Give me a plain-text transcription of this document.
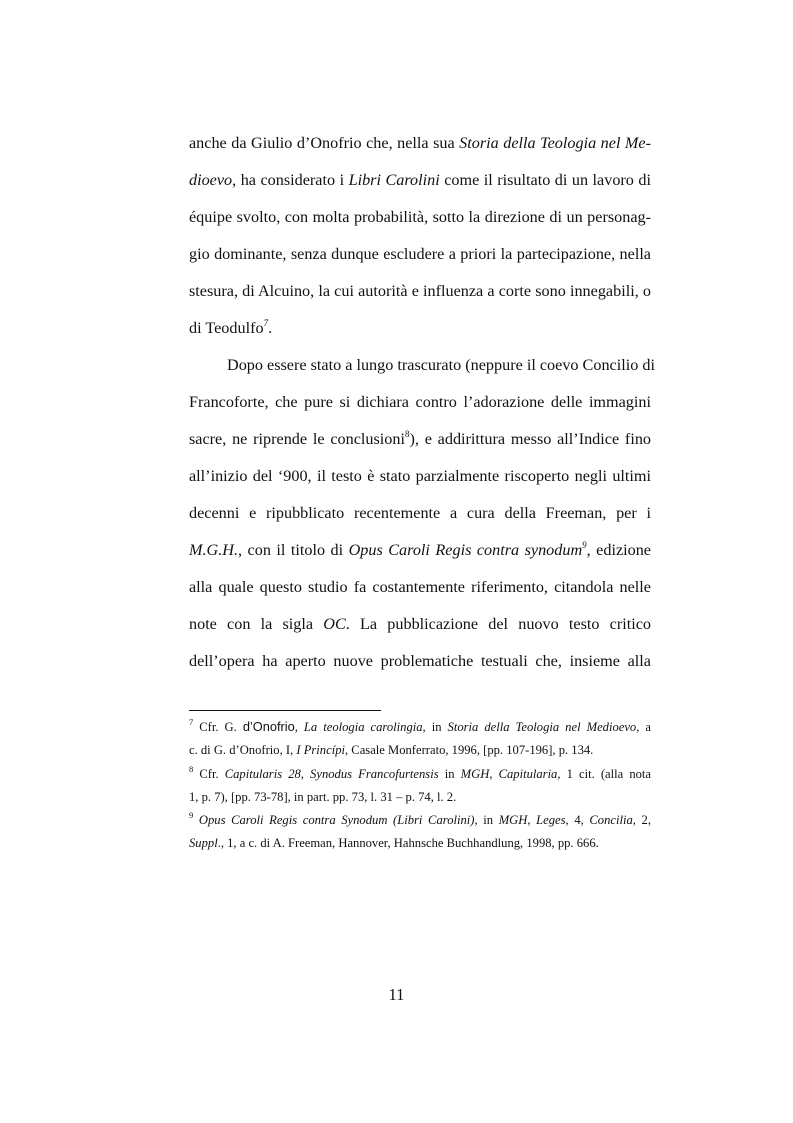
anche da Giulio d’Onofrio che, nella sua Storia della Teologia nel Me-
dioevo, ha considerato i Libri Carolini come il risultato di un lavoro di
équipe svolto, con molta probabilità, sotto la direzione di un personag-
gio dominante, senza dunque escludere a priori la partecipazione, nella
stesura, di Alcuino, la cui autorità e influenza a corte sono innegabili, o
di Teodulfo$^7$.
Dopo essere stato a lungo trascurato (neppure il coevo Concilio di
Francoforte, che pure si dichiara contro l’adorazione delle immagini
sacre, ne riprende le conclusioni$^8$), e addirittura messo all’Indice fino
all’inizio del ‘900, il testo è stato parzialmente riscoperto negli ultimi
decenni e ripubblicato recentemente a cura della Freeman, per i
M.G.H., con il titolo di Opus Caroli Regis contra synodum$^9$, edizione
alla quale questo studio fa costantemente riferimento, citandola nelle
note con la sigla OC. La pubblicazione del nuovo testo critico
dell’opera ha aperto nuove problematiche testuali che, insieme alla
$^7$ Cfr. G. d’Onofrio, La teologia carolingia, in Storia della Teologia nel Medioevo, a
c. di G. d’Onofrio, I, I Princípi, Casale Monferrato, 1996, [pp. 107-196], p. 134.
$^8$ Cfr. Capitularis 28, Synodus Francofurtensis in MGH, Capitularia, 1 cit. (alla nota
1, p. 7), [pp. 73-78], in part. pp. 73, l. 31 – p. 74, l. 2.
$^9$ Opus Caroli Regis contra Synodum (Libri Carolini), in MGH, Leges, 4, Concilia, 2,
Suppl., 1, a c. di A. Freeman, Hannover, Hahnsche Buchhandlung, 1998, pp. 666.
11
